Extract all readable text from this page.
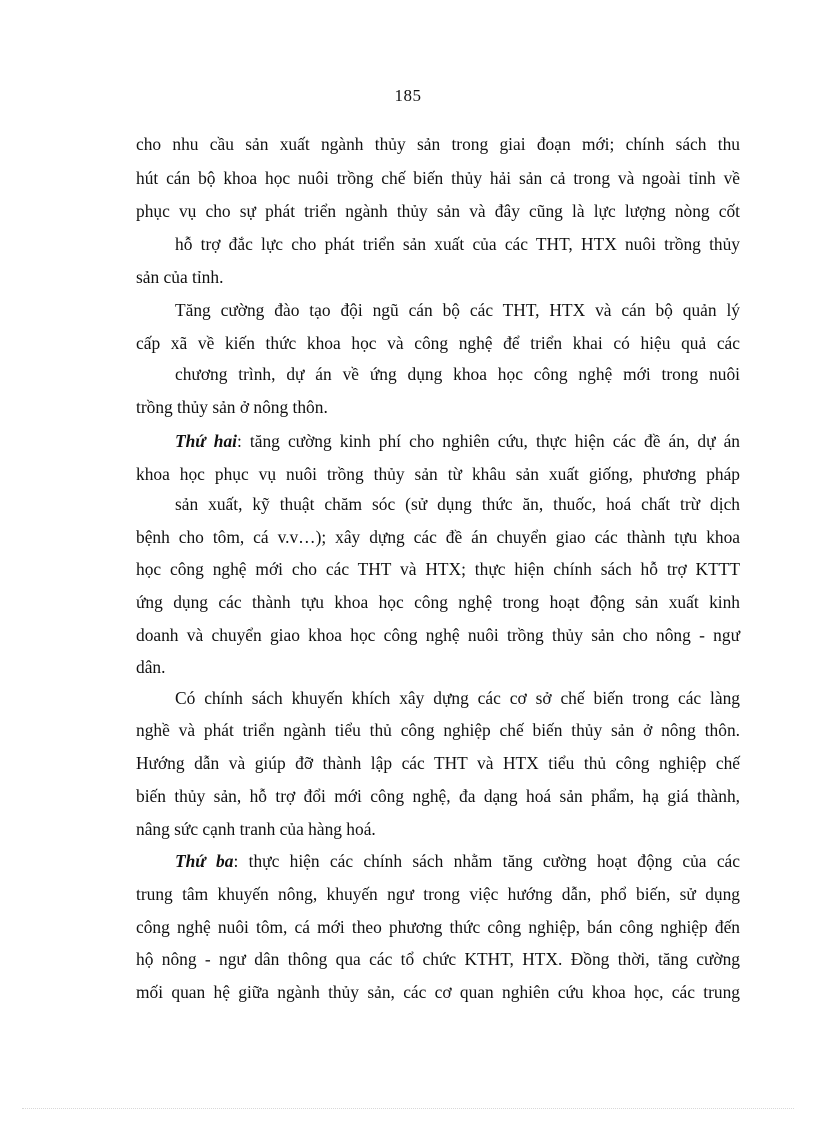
185
cho nhu cầu sản xuất ngành thủy sản trong giai đoạn mới; chính sách thu
hút cán bộ khoa học nuôi trồng chế biến thủy hải sản cả trong và ngoài tỉnh về
phục vụ cho sự phát triển ngành thủy sản và đây cũng là lực lượng nòng cốt
hỗ trợ đắc lực cho phát triển sản xuất của các THT, HTX nuôi trồng thủy
sản của tỉnh.
Tăng cường đào tạo đội ngũ cán bộ các THT, HTX và cán bộ quản lý
cấp xã về kiến thức khoa học và công nghệ để triển khai có hiệu quả các
chương trình, dự án về ứng dụng khoa học công nghệ mới trong nuôi
trồng thủy sản ở nông thôn.
Thứ hai: tăng cường kinh phí cho nghiên cứu, thực hiện các đề án, dự án
khoa học phục vụ nuôi trồng thủy sản từ khâu sản xuất giống, phương pháp
sản xuất, kỹ thuật chăm sóc (sử dụng thức ăn, thuốc, hoá chất trừ dịch
bệnh cho tôm, cá v.v…); xây dựng các đề án chuyển giao các thành tựu khoa
học công nghệ mới cho các THT và HTX; thực hiện chính sách hỗ trợ KTTT
ứng dụng các thành tựu khoa học công nghệ trong hoạt động sản xuất kinh
doanh và chuyển giao khoa học công nghệ nuôi trồng thủy sản cho nông - ngư
dân.
Có chính sách khuyến khích xây dựng các cơ sở chế biến trong các làng
nghề và phát triển ngành tiểu thủ công nghiệp chế biến thủy sản ở nông thôn.
Hướng dẫn và giúp đỡ thành lập các THT và HTX tiểu thủ công nghiệp chế
biến thủy sản, hỗ trợ đổi mới công nghệ, đa dạng hoá sản phẩm, hạ giá thành,
nâng sức cạnh tranh của hàng hoá.
Thứ ba: thực hiện các chính sách nhằm tăng cường hoạt động của các
trung tâm khuyến nông, khuyến ngư trong việc hướng dẫn, phổ biến, sử dụng
công nghệ nuôi tôm, cá mới theo phương thức công nghiệp, bán công nghiệp đến
hộ nông - ngư dân thông qua các tổ chức KTHT, HTX. Đồng thời, tăng cường
mối quan hệ giữa ngành thủy sản, các cơ quan nghiên cứu khoa học, các trung
